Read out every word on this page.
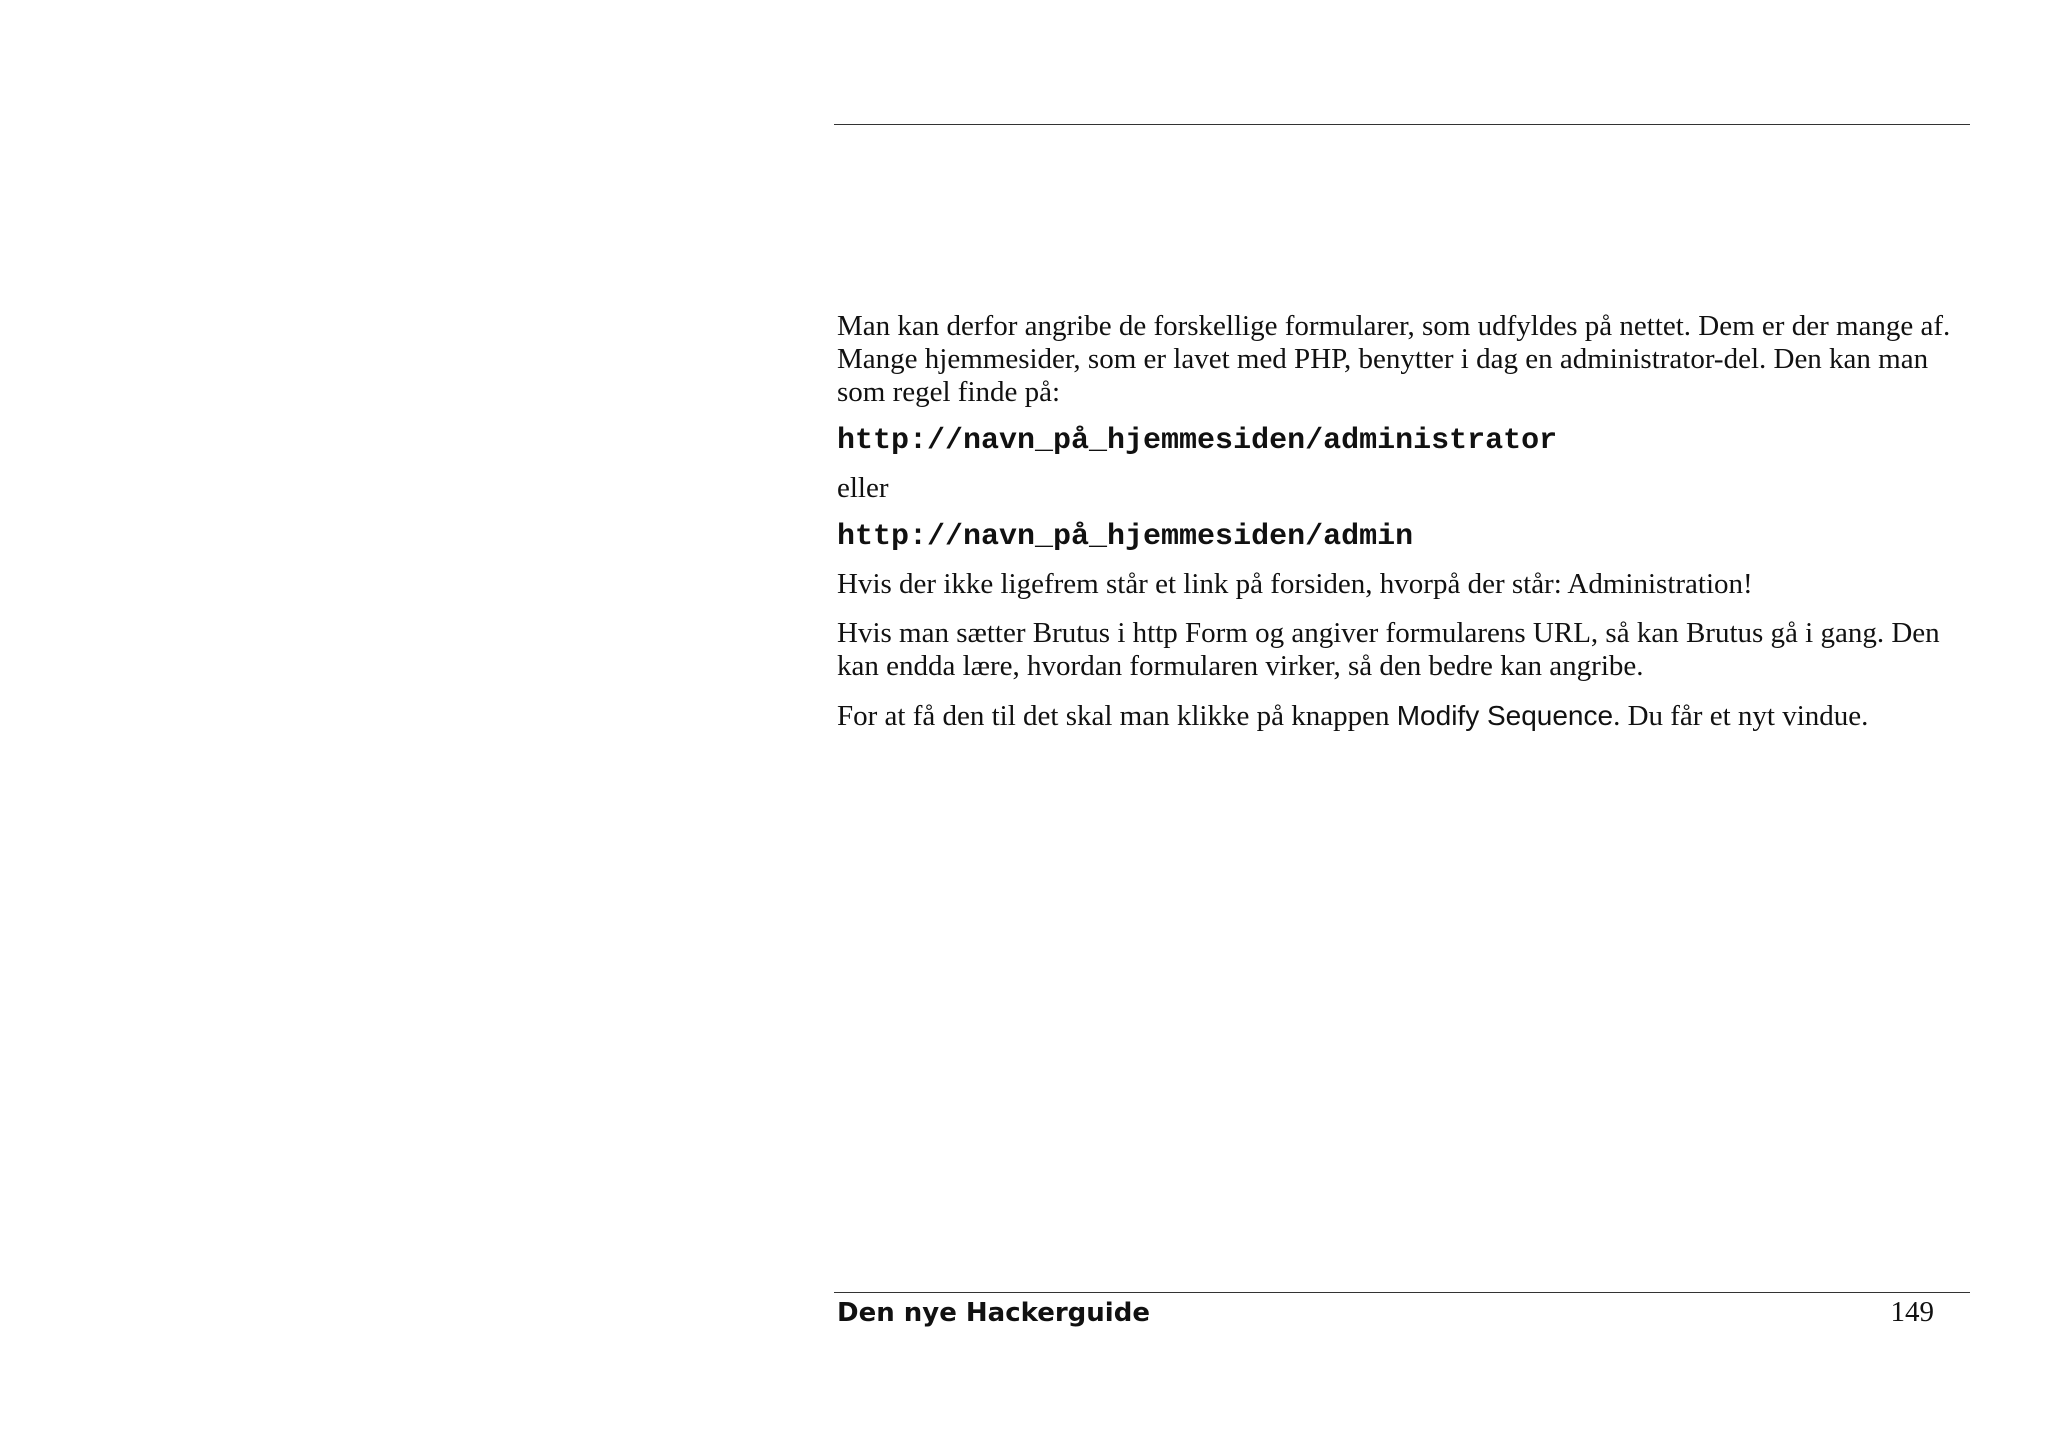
Man kan derfor angribe de forskellige formularer, som udfyldes på nettet. Dem er der mange af. Mange hjemmesider, som er lavet med PHP, benytter i dag en administrator-del. Den kan man som regel finde på:

http://navn_på_hjemmesiden/administrator

eller

http://navn_på_hjemmesiden/admin

Hvis der ikke ligefrem står et link på forsiden, hvorpå der står: Administration!

Hvis man sætter Brutus i http Form og angiver formularens URL, så kan Brutus gå i gang. Den kan endda lære, hvordan formularen virker, så den bedre kan angribe.

For at få den til det skal man klikke på knappen Modify Sequence. Du får et nyt vindue.

Den nye Hackerguide	149
